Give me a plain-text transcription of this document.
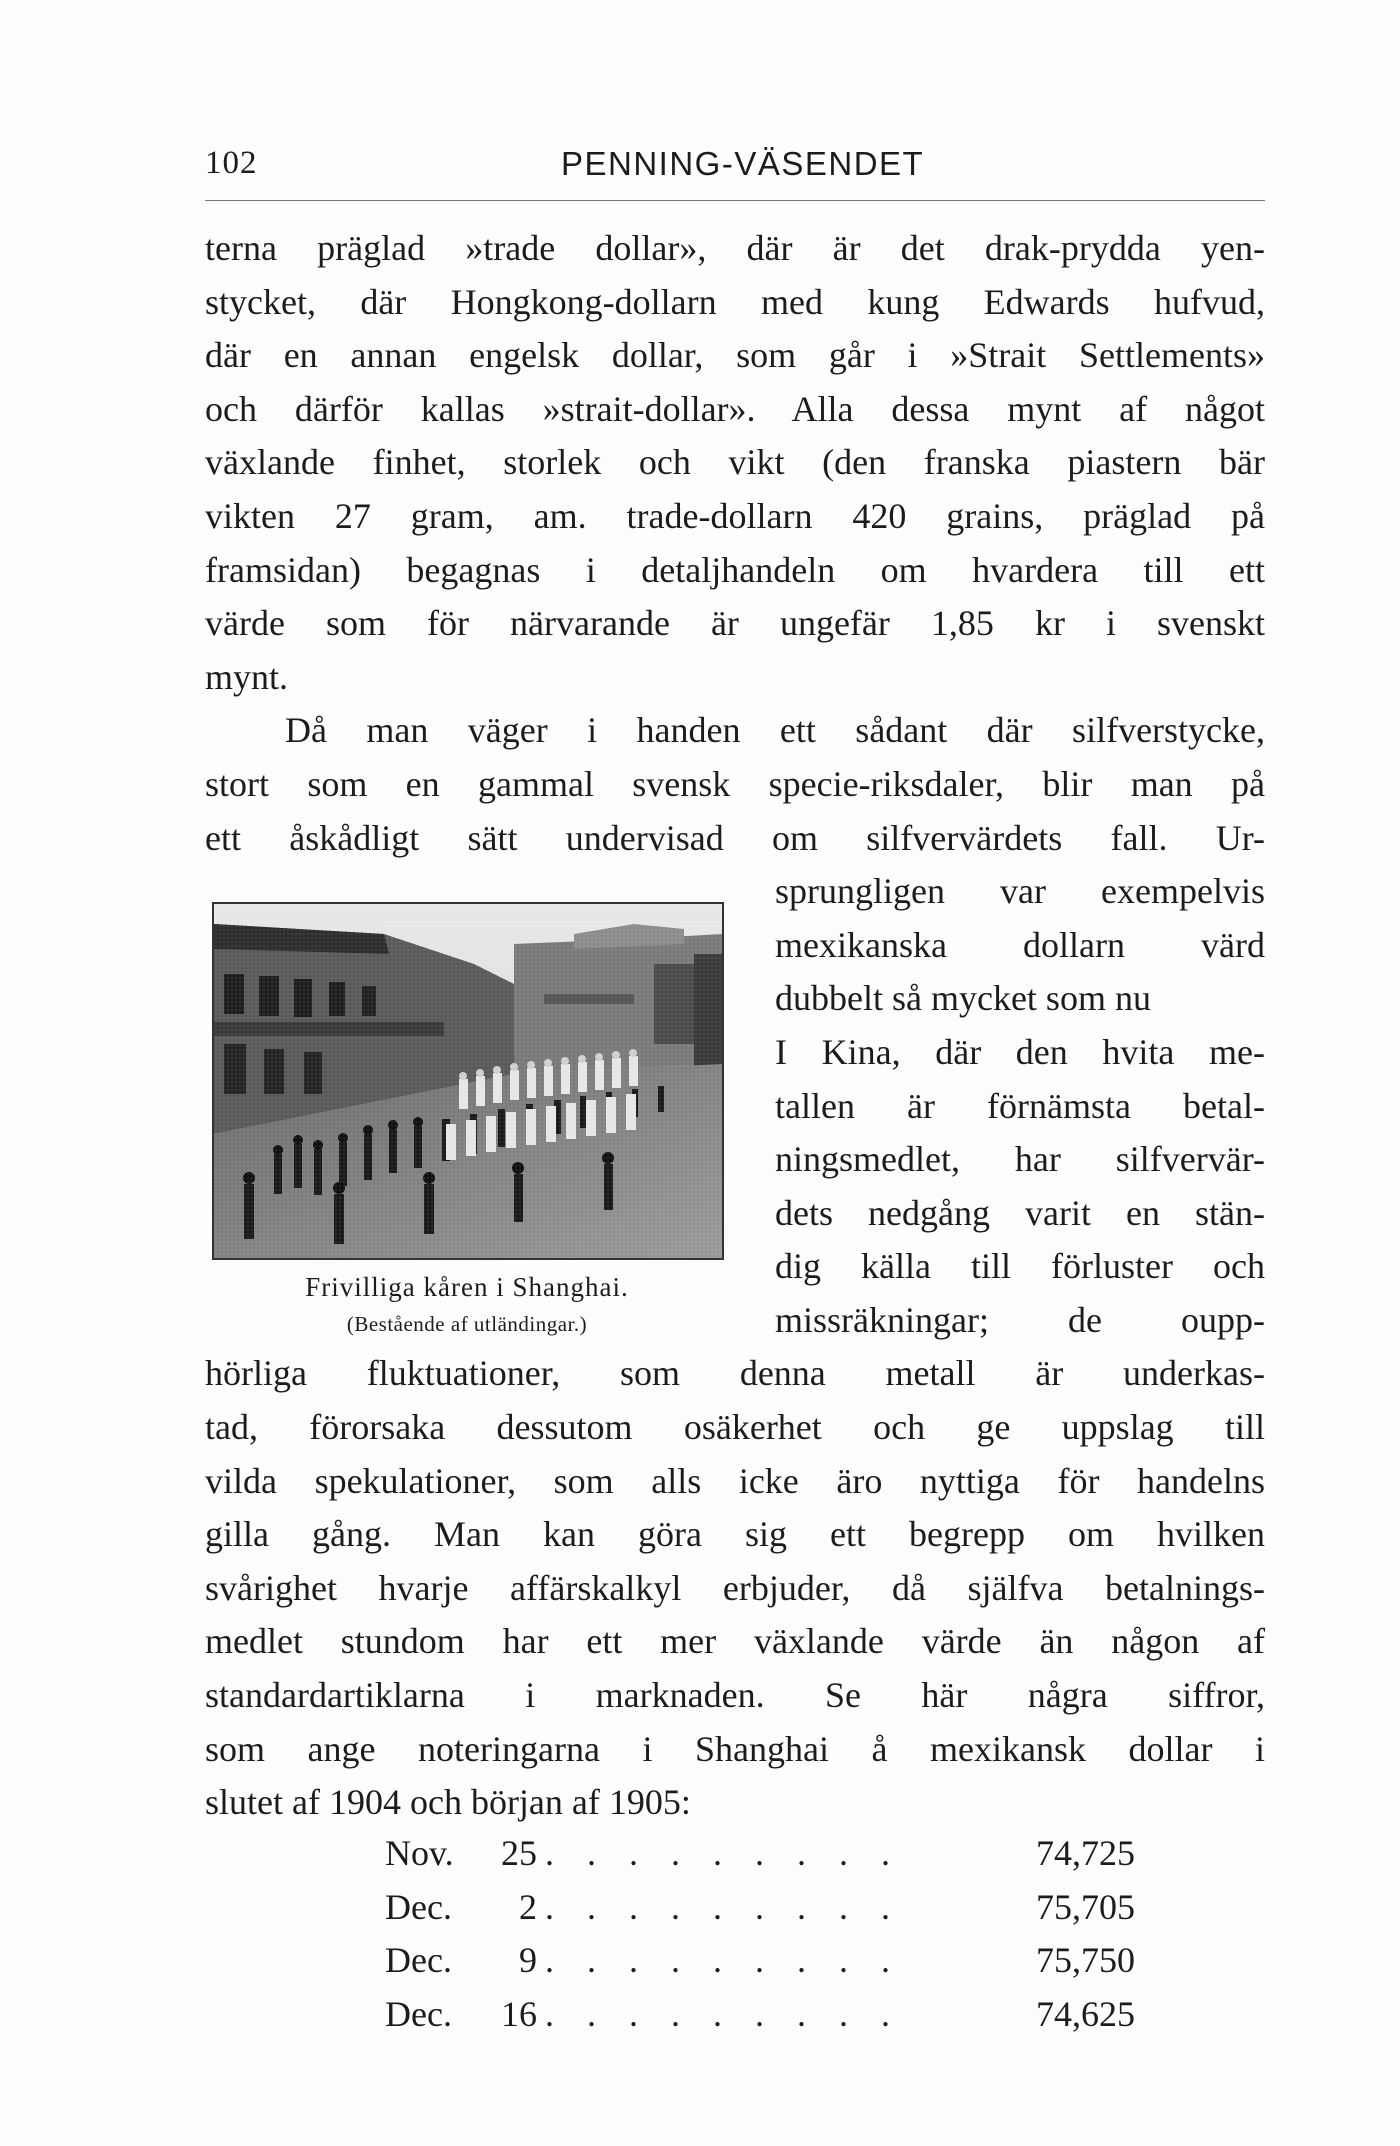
102	PENNING-VÄSENDET
terna präglad »trade dollar», där är det drak-prydda yen-
stycket, där Hongkong-dollarn med kung Edwards hufvud,
där en annan engelsk dollar, som går i »Strait Settlements»
och därför kallas »strait-dollar». Alla dessa mynt af något
växlande finhet, storlek och vikt (den franska piastern bär
vikten 27 gram, am. trade-dollarn 420 grains, präglad på
framsidan) begagnas i detaljhandeln om hvardera till ett
värde som för närvarande är ungefär 1,85 kr i svenskt
mynt.
Då man väger i handen ett sådant där silfverstycke,
stort som en gammal svensk specie-riksdaler, blir man på
ett åskådligt sätt undervisad om silfvervärdets fall. Ur-
sprungligen var exempelvis
mexikanska dollarn värd
dubbelt så mycket som nu
I Kina, där den hvita me-
tallen är förnämsta betal-
ningsmedlet, har silfvervär-
dets nedgång varit en stän-
dig källa till förluster och
missräkningar; de oupp-
hörliga fluktuationer, som denna metall är underkas-
tad, förorsaka dessutom osäkerhet och ge uppslag till
vilda spekulationer, som alls icke äro nyttiga för handelns
gilla gång. Man kan göra sig ett begrepp om hvilken
svårighet hvarje affärskalkyl erbjuder, då själfva betalnings-
medlet stundom har ett mer växlande värde än någon af
standardartiklarna i marknaden. Se här några siffror,
som ange noteringarna i Shanghai å mexikansk dollar i
slutet af 1904 och början af 1905:
Frivilliga kåren i Shanghai.
(Bestående af utländingar.)
Nov.	25 . . . . . . . . .	74,725
Dec.	2 . . . . . . . . .	75,705
Dec.	9 . . . . . . . . .	75,750
Dec.	16 . . . . . . . . .	74,625
